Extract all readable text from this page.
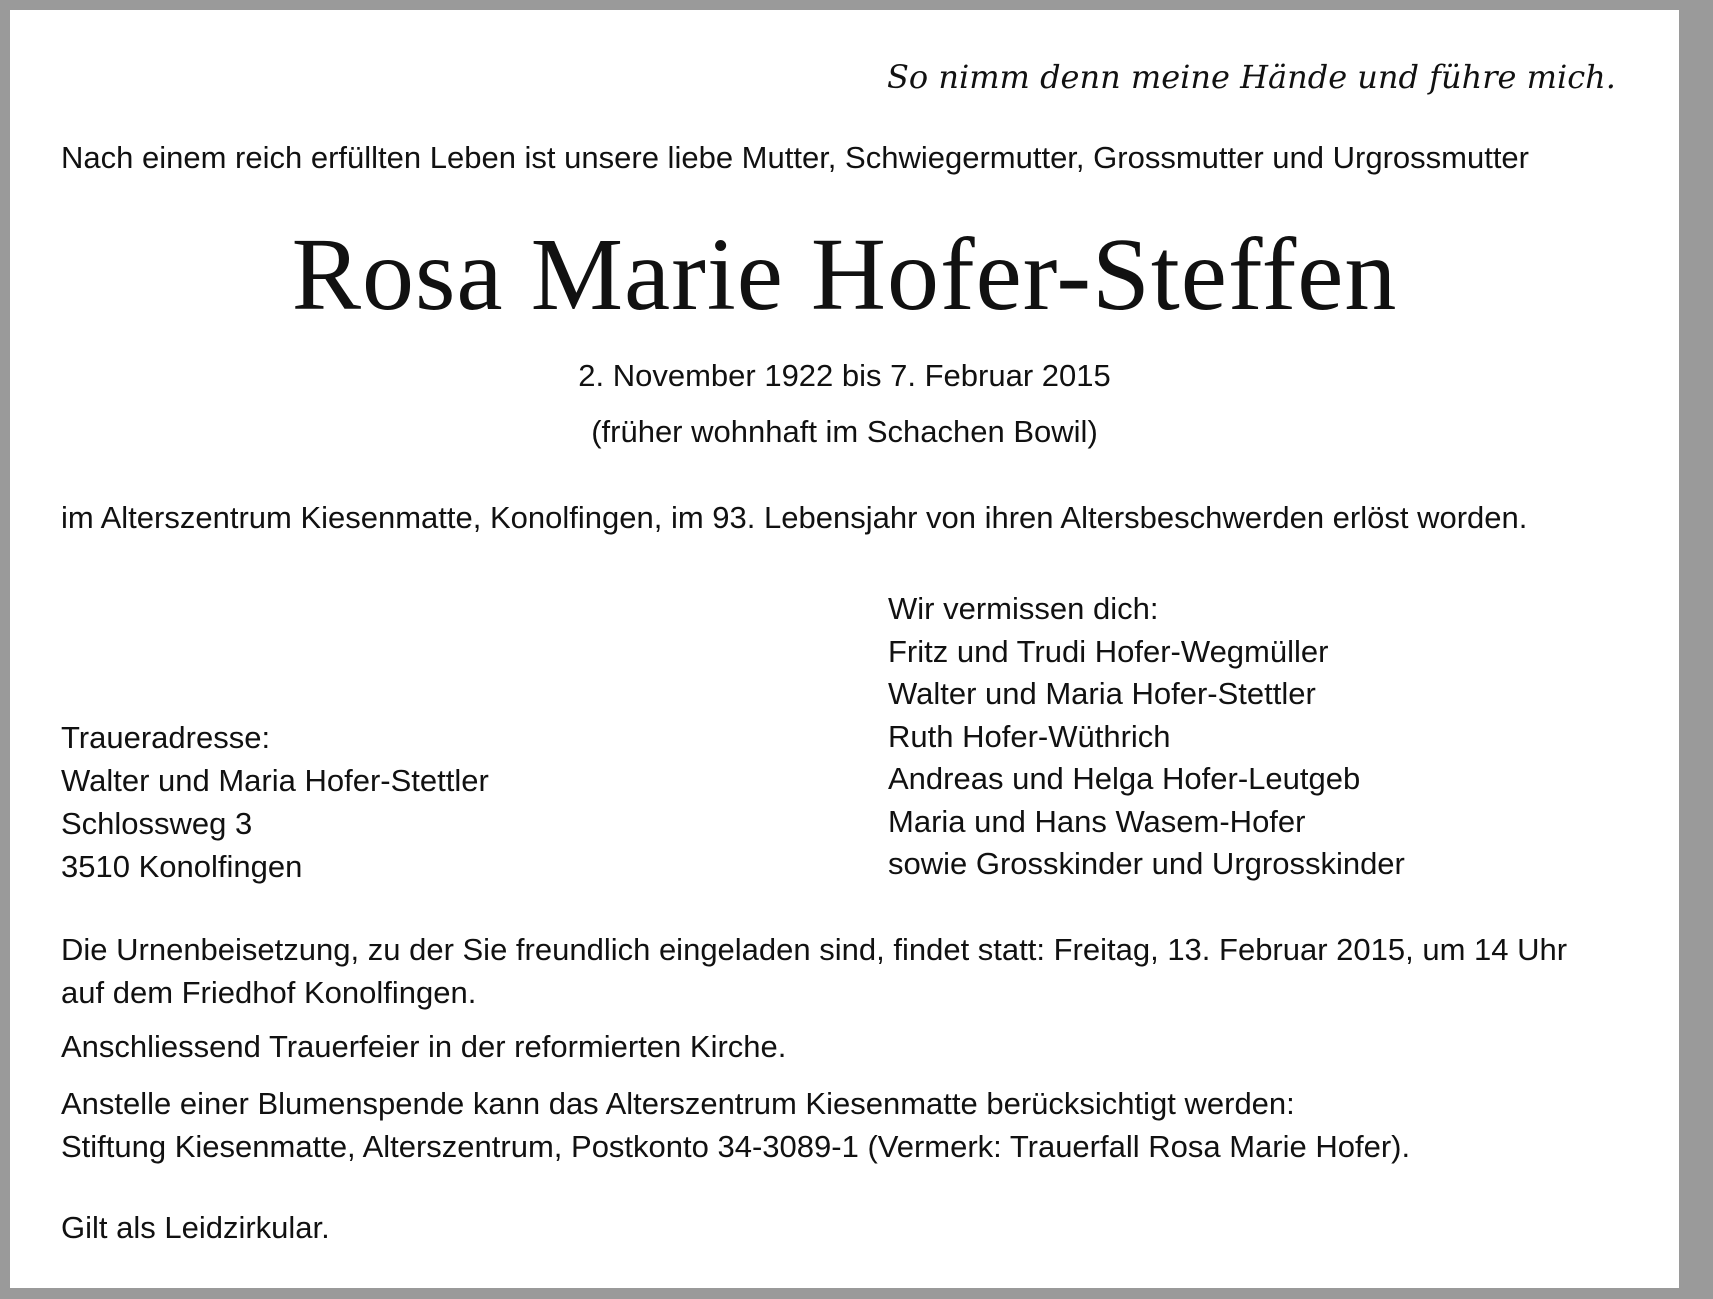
So nimm denn meine Hände und führe mich.
Nach einem reich erfüllten Leben ist unsere liebe Mutter, Schwiegermutter, Grossmutter und Urgrossmutter
Rosa Marie Hofer-Steffen
2. November 1922 bis 7. Februar 2015
(früher wohnhaft im Schachen Bowil)
im Alterszentrum Kiesenmatte, Konolfingen, im 93. Lebensjahr von ihren Altersbeschwerden erlöst worden.
Traueradresse:
Walter und Maria Hofer-Stettler
Schlossweg 3
3510 Konolfingen
Wir vermissen dich:
Fritz und Trudi Hofer-Wegmüller
Walter und Maria Hofer-Stettler
Ruth Hofer-Wüthrich
Andreas und Helga Hofer-Leutgeb
Maria und Hans Wasem-Hofer
sowie Grosskinder und Urgrosskinder
Die Urnenbeisetzung, zu der Sie freundlich eingeladen sind, findet statt: Freitag, 13. Februar 2015, um 14 Uhr
auf dem Friedhof Konolfingen.
Anschliessend Trauerfeier in der reformierten Kirche.
Anstelle einer Blumenspende kann das Alterszentrum Kiesenmatte berücksichtigt werden:
Stiftung Kiesenmatte, Alterszentrum, Postkonto 34-3089-1 (Vermerk: Trauerfall Rosa Marie Hofer).
Gilt als Leidzirkular.
